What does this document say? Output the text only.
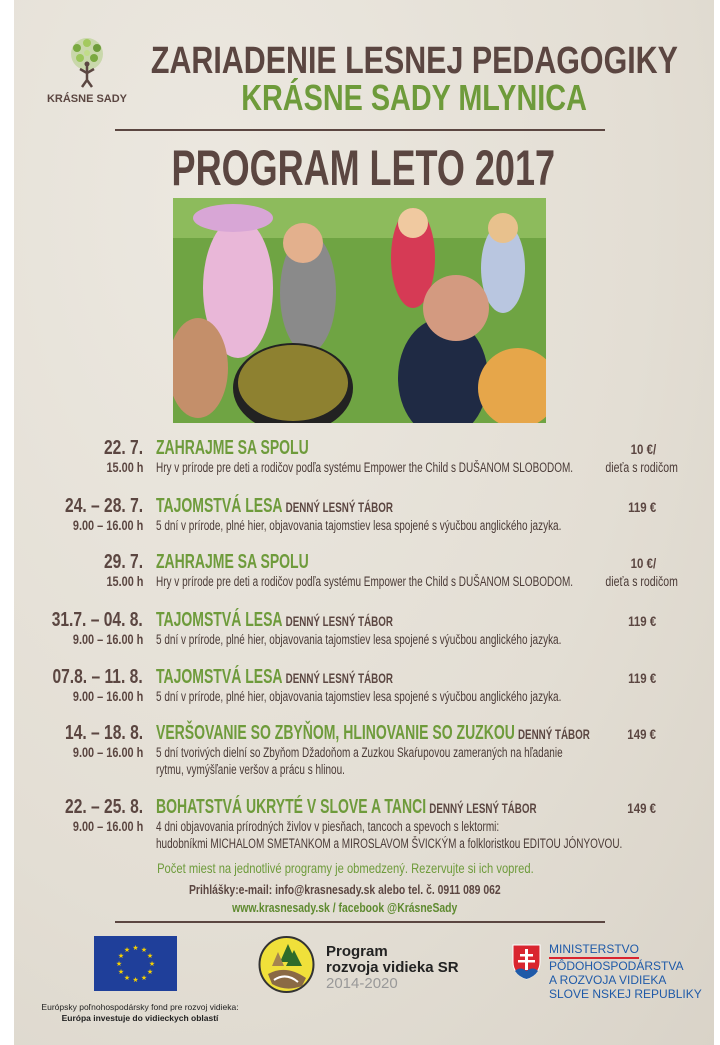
KRÁSNE SADY
ZARIADENIE LESNEJ PEDAGOGIKY
KRÁSNE SADY MLYNICA
PROGRAM LETO 2017
22. 7.
15.00 h
ZAHRAJME SA SPOLU
Hry v prírode pre deti a rodičov podľa systému Empower the Child s DUŠANOM SLOBODOM.
10 €/
dieťa s rodičom
24. – 28. 7.
9.00 – 16.00 h
TAJOMSTVÁ LESA DENNÝ LESNÝ TÁBOR
5 dní v prírode, plné hier, objavovania tajomstiev lesa spojené s výučbou anglického jazyka.
119 €
29. 7.
15.00 h
ZAHRAJME SA SPOLU
Hry v prírode pre deti a rodičov podľa systému Empower the Child s DUŠANOM SLOBODOM.
10 €/
dieťa s rodičom
31.7. – 04. 8.
9.00 – 16.00 h
TAJOMSTVÁ LESA DENNÝ LESNÝ TÁBOR
5 dní v prírode, plné hier, objavovania tajomstiev lesa spojené s výučbou anglického jazyka.
119 €
07.8. – 11. 8.
9.00 – 16.00 h
TAJOMSTVÁ LESA DENNÝ LESNÝ TÁBOR
5 dní v prírode, plné hier, objavovania tajomstiev lesa spojené s výučbou anglického jazyka.
119 €
14. – 18. 8.
9.00 – 16.00 h
VERŠOVANIE SO ZBYŇOM, HLINOVANIE SO ZUZKOU DENNÝ TÁBOR
5 dní tvorivých dielní so Zbyňom Džadoňom a Zuzkou Skaŕupovou zameraných na hľadanie
rytmu, vymýšľanie veršov a prácu s hlinou.
149 €
22. – 25. 8.
9.00 – 16.00 h
BOHATSTVÁ UKRYTÉ V SLOVE A TANCI DENNÝ LESNÝ TÁBOR
4 dni objavovania prírodných živlov v piesňach, tancoch a spevoch s lektormi:
hudobníkmi MICHALOM SMETANKOM a MIROSLAVOM ŠVICKÝM a folkloristkou EDITOU JÓNYOVOU.
149 €
Počet miest na jednotlivé programy je obmedzený. Rezervujte si ich vopred.
Prihlášky:e-mail: info@krasnesady.sk alebo tel. č. 0911 089 062
www.krasnesady.sk / facebook @KrásneSady
★ ★
★
★
★
★
★
★
★
★
★
★
Európsky poľnohospodársky fond pre rozvoj vidieka:
Európa investuje do vidieckych oblastí
Program
rozvoja vidieka SR
2014-2020
MINISTERSTVO
PÔDOHOSPODÁRSTVA
A ROZVOJA VIDIEKA
SLOVE NSKEJ REPUBLIKY
